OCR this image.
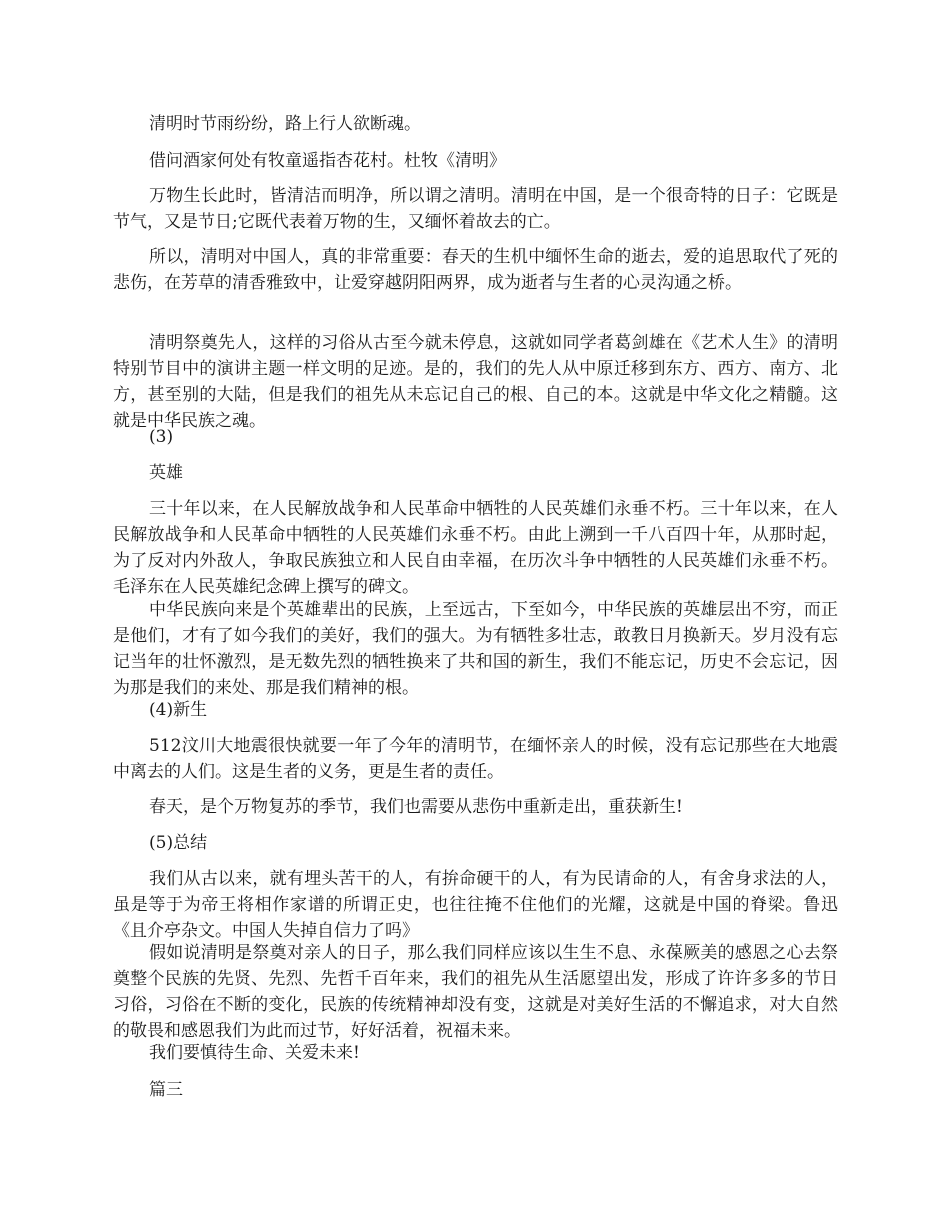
清明时节雨纷纷，路上行人欲断魂。

借问酒家何处有牧童遥指杏花村。杜牧《清明》

万物生长此时，皆清洁而明净，所以谓之清明。清明在中国，是一个很奇特的日子：它既是节气，又是节日;它既代表着万物的生，又缅怀着故去的亡。

所以，清明对中国人，真的非常重要：春天的生机中缅怀生命的逝去，爱的追思取代了死的悲伤，在芳草的清香雅致中，让爱穿越阴阳两界，成为逝者与生者的心灵沟通之桥。

清明祭奠先人，这样的习俗从古至今就未停息，这就如同学者葛剑雄在《艺术人生》的清明特别节目中的演讲主题一样文明的足迹。是的，我们的先人从中原迁移到东方、西方、南方、北方，甚至别的大陆，但是我们的祖先从未忘记自己的根、自己的本。这就是中华文化之精髓。这就是中华民族之魂。

(3)

英雄

三十年以来，在人民解放战争和人民革命中牺牲的人民英雄们永垂不朽。三十年以来，在人民解放战争和人民革命中牺牲的人民英雄们永垂不朽。由此上溯到一千八百四十年，从那时起，为了反对内外敌人，争取民族独立和人民自由幸福，在历次斗争中牺牲的人民英雄们永垂不朽。毛泽东在人民英雄纪念碑上撰写的碑文。

中华民族向来是个英雄辈出的民族，上至远古，下至如今，中华民族的英雄层出不穷，而正是他们，才有了如今我们的美好，我们的强大。为有牺牲多壮志，敢教日月换新天。岁月没有忘记当年的壮怀激烈，是无数先烈的牺牲换来了共和国的新生，我们不能忘记，历史不会忘记，因为那是我们的来处、那是我们精神的根。

(4)新生

512汶川大地震很快就要一年了今年的清明节，在缅怀亲人的时候，没有忘记那些在大地震中离去的人们。这是生者的义务，更是生者的责任。

春天，是个万物复苏的季节，我们也需要从悲伤中重新走出，重获新生!

(5)总结

我们从古以来，就有埋头苦干的人，有拚命硬干的人，有为民请命的人，有舍身求法的人，虽是等于为帝王将相作家谱的所谓正史，也往往掩不住他们的光耀，这就是中国的脊梁。鲁迅《且介亭杂文。中国人失掉自信力了吗》

假如说清明是祭奠对亲人的日子，那么我们同样应该以生生不息、永葆厥美的感恩之心去祭奠整个民族的先贤、先烈、先哲千百年来，我们的祖先从生活愿望出发，形成了许许多多的节日习俗，习俗在不断的变化，民族的传统精神却没有变，这就是对美好生活的不懈追求，对大自然的敬畏和感恩我们为此而过节，好好活着，祝福未来。

我们要慎待生命、关爱未来!

篇三
